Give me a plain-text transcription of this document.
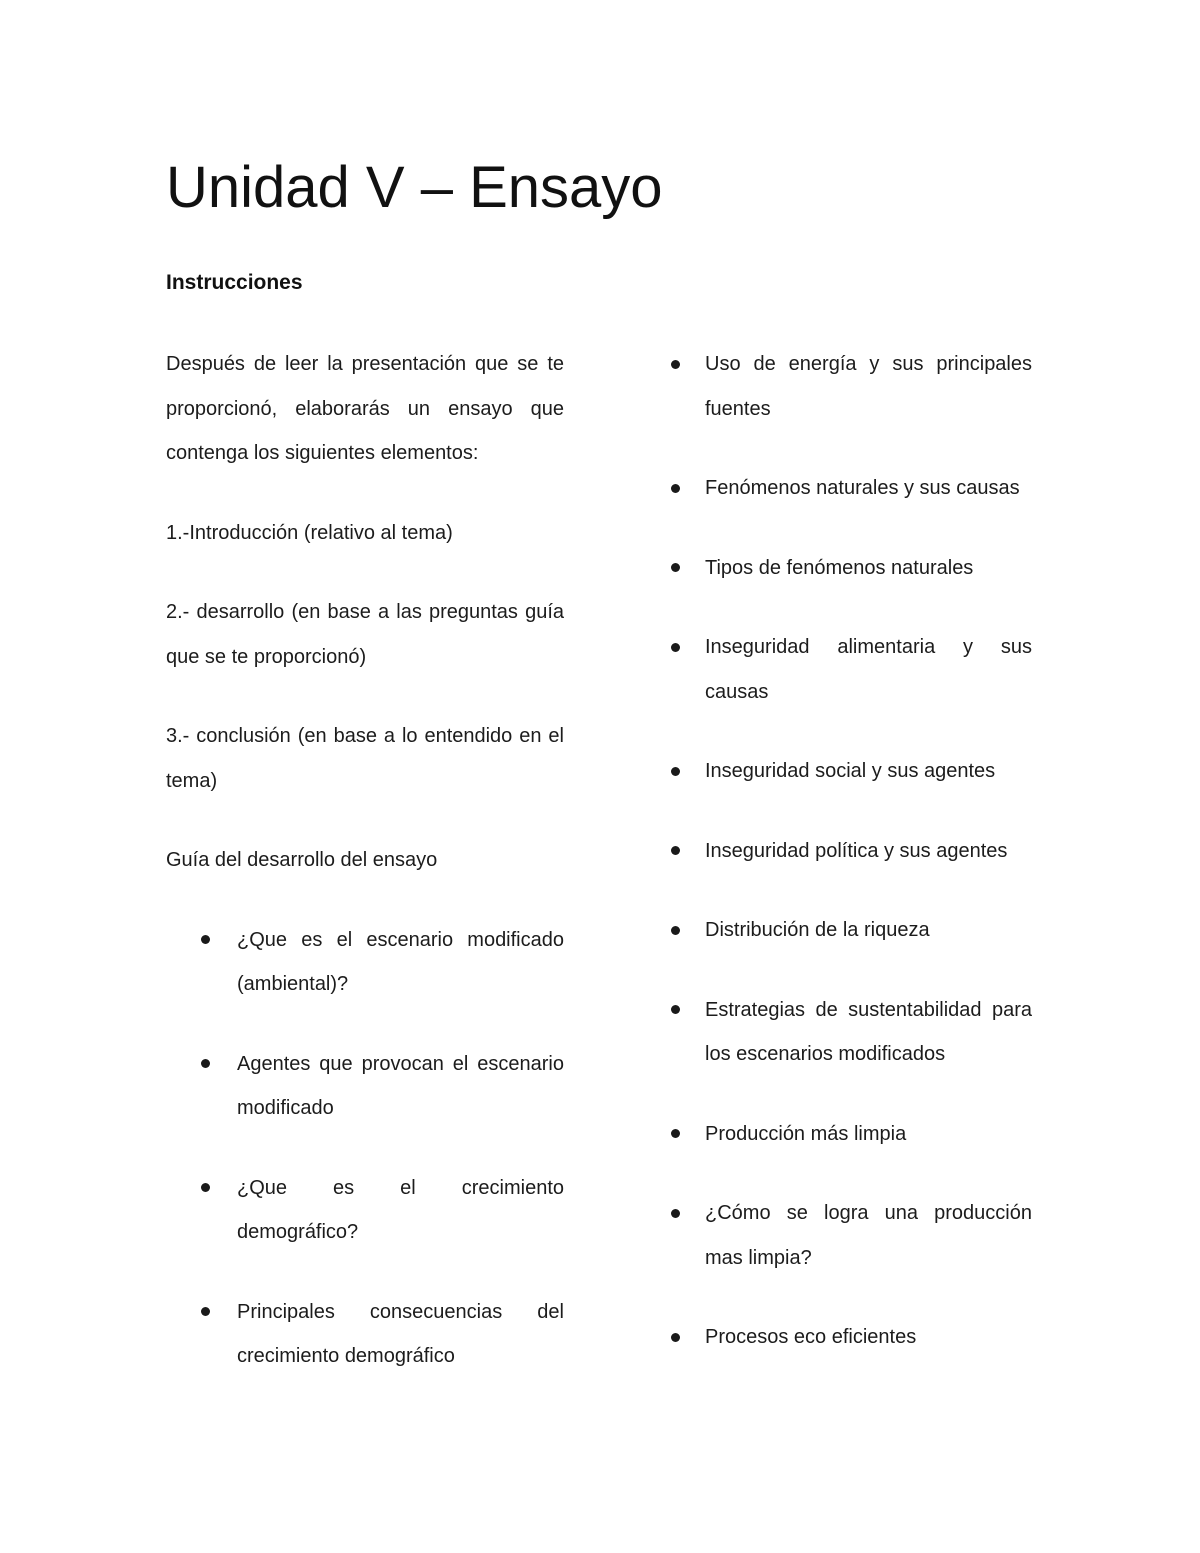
Unidad V – Ensayo
Instrucciones

Después de leer la presentación que se te proporcionó, elaborarás un ensayo que contenga los siguientes elementos:

1.-Introducción (relativo al tema)

2.- desarrollo (en base a las preguntas guía que se te proporcionó)

3.- conclusión (en base a lo entendido en el tema)

Guía del desarrollo del ensayo

¿Que es el escenario modificado (ambiental)?
Agentes que provocan el escenario modificado
¿Que es el crecimiento demográfico?
Principales consecuencias del crecimiento demográfico
Uso de energía y sus principales fuentes
Fenómenos naturales y sus causas
Tipos de fenómenos naturales
Inseguridad alimentaria y sus causas
Inseguridad social y sus agentes
Inseguridad política y sus agentes
Distribución de la riqueza
Estrategias de sustentabilidad para los escenarios modificados
Producción más limpia
¿Cómo se logra una producción mas limpia?
Procesos eco eficientes
